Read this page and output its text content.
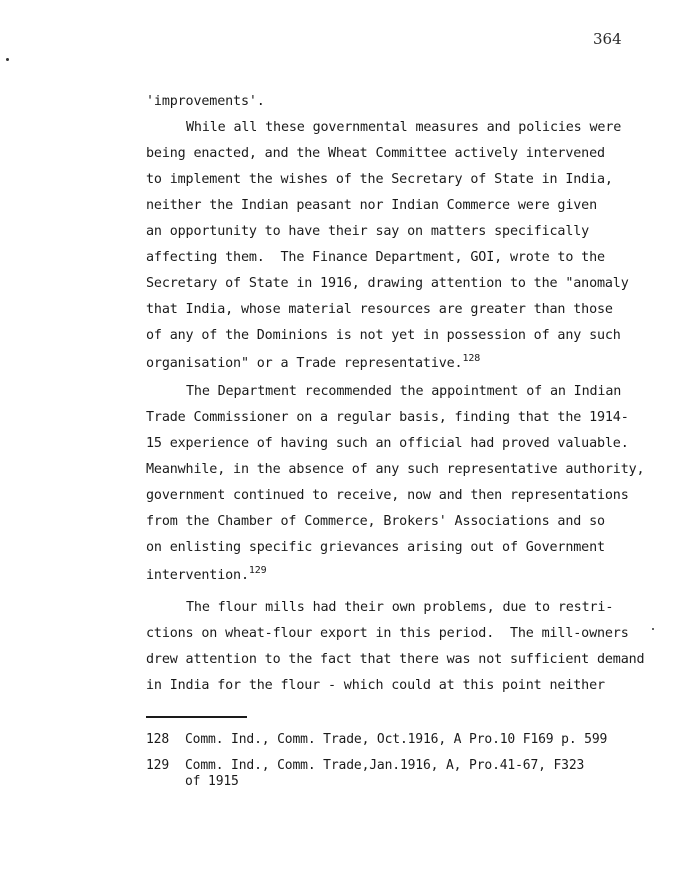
364
'improvements'.
While all these governmental measures and policies were
being enacted, and the Wheat Committee actively intervened
to implement the wishes of the Secretary of State in India,
neither the Indian peasant nor Indian Commerce were given
an opportunity to have their say on matters specifically
affecting them.  The Finance Department, GOI, wrote to the
Secretary of State in 1916, drawing attention to the "anomaly
that India, whose material resources are greater than those
of any of the Dominions is not yet in possession of any such
organisation" or a Trade representative.$^{128}$
The Department recommended the appointment of an Indian
Trade Commissioner on a regular basis, finding that the 1914-
15 experience of having such an official had proved valuable.
Meanwhile, in the absence of any such representative authority,
government continued to receive, now and then representations
from the Chamber of Commerce, Brokers' Associations and so
on enlisting specific grievances arising out of Government
intervention.$^{129}$
The flour mills had their own problems, due to restri-
ctions on wheat-flour export in this period.  The mill-owners
drew attention to the fact that there was not sufficient demand
in India for the flour - which could at this point neither
128 Comm. Ind., Comm. Trade, Oct.1916, A Pro.10 F169 p. 599
129 Comm. Ind., Comm. Trade,Jan.1916, A, Pro.41-67, F323
of 1915
